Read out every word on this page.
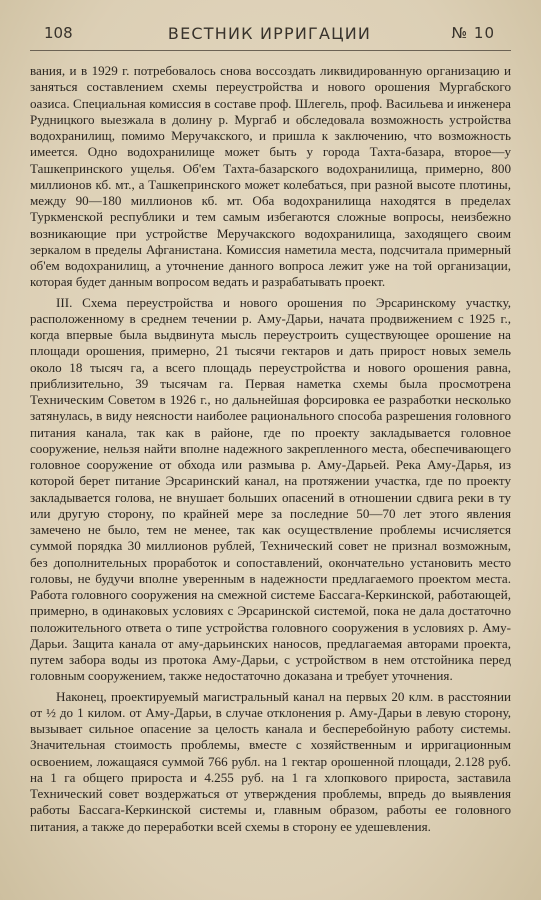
108	ВЕСТНИК ИРРИГАЦИИ	№ 10

вания, и в 1929 г. потребовалось снова воссоздать ликвидированную организацию и заняться составлением схемы переустройства и нового орошения Мургабского оазиса. Специальная комиссия в составе проф. Шлегель, проф. Васильева и инженера Рудницкого выезжала в долину р. Мургаб и обследовала возможность устройства водохранилищ, помимо Меручакского, и пришла к заключению, что возможность имеется. Одно водохранилище может быть у города Тахта-базара, второе—у Ташкепринского ущелья. Об'ем Тахта-базарского водохранилища, примерно, 800 миллионов кб. мт., а Ташкепринского может колебаться, при разной высоте плотины, между 90—180 миллионов кб. мт. Оба водохранилища находятся в пределах Туркменской республики и тем самым избегаются сложные вопросы, неизбежно возникающие при устройстве Меручакского водохранилища, заходящего своим зеркалом в пределы Афганистана. Комиссия наметила места, подсчитала примерный об'ем водохранилищ, а уточнение данного вопроса лежит уже на той организации, которая будет данным вопросом ведать и разрабатывать проект.

III. Схема переустройства и нового орошения по Эрсаринскому участку, расположенному в среднем течении р. Аму-Дарьи, начата продвижением с 1925 г., когда впервые была выдвинута мысль переустроить существующее орошение на площади орошения, примерно, 21 тысячи гектаров и дать прирост новых земель около 18 тысяч га, а всего площадь переустройства и нового орошения равна, приблизительно, 39 тысячам га. Первая наметка схемы была просмотрена Техническим Советом в 1926 г., но дальнейшая форсировка ее разработки несколько затянулась, в виду неясности наиболее рационального способа разрешения головного питания канала, так как в районе, где по проекту закладывается головное сооружение, нельзя найти вполне надежного закрепленного места, обеспечивающего головное сооружение от обхода или размыва р. Аму-Дарьей. Река Аму-Дарья, из которой берет питание Эрсаринский канал, на протяжении участка, где по проекту закладывается голова, не внушает больших опасений в отношении сдвига реки в ту или другую сторону, по крайней мере за последние 50—70 лет этого явления замечено не было, тем не менее, так как осуществление проблемы исчисляется суммой порядка 30 миллионов рублей, Технический совет не признал возможным, без дополнительных проработок и сопоставлений, окончательно установить место головы, не будучи вполне уверенным в надежности предлагаемого проектом места. Работа головного сооружения на смежной системе Бассага-Керкинской, работающей, примерно, в одинаковых условиях с Эрсаринской системой, пока не дала достаточно положительного ответа о типе устройства головного сооружения в условиях р. Аму-Дарьи. Защита канала от аму-дарьинских наносов, предлагаемая авторами проекта, путем забора воды из протока Аму-Дарьи, с устройством в нем отстойника перед головным сооружением, также недостаточно доказана и требует уточнения.

Наконец, проектируемый магистральный канал на первых 20 клм. в расстоянии от ½ до 1 килом. от Аму-Дарьи, в случае отклонения р. Аму-Дарьи в левую сторону, вызывает сильное опасение за целость канала и бесперебойную работу системы. Значительная стоимость проблемы, вместе с хозяйственным и ирригационным освоением, ложащаяся суммой 766 рубл. на 1 гектар орошенной площади, 2.128 руб. на 1 га общего прироста и 4.255 руб. на 1 га хлопкового прироста, заставила Технический совет воздержаться от утверждения проблемы, впредь до выявления работы Бассага-Керкинской системы и, главным образом, работы ее головного питания, а также до переработки всей схемы в сторону ее удешевления.
